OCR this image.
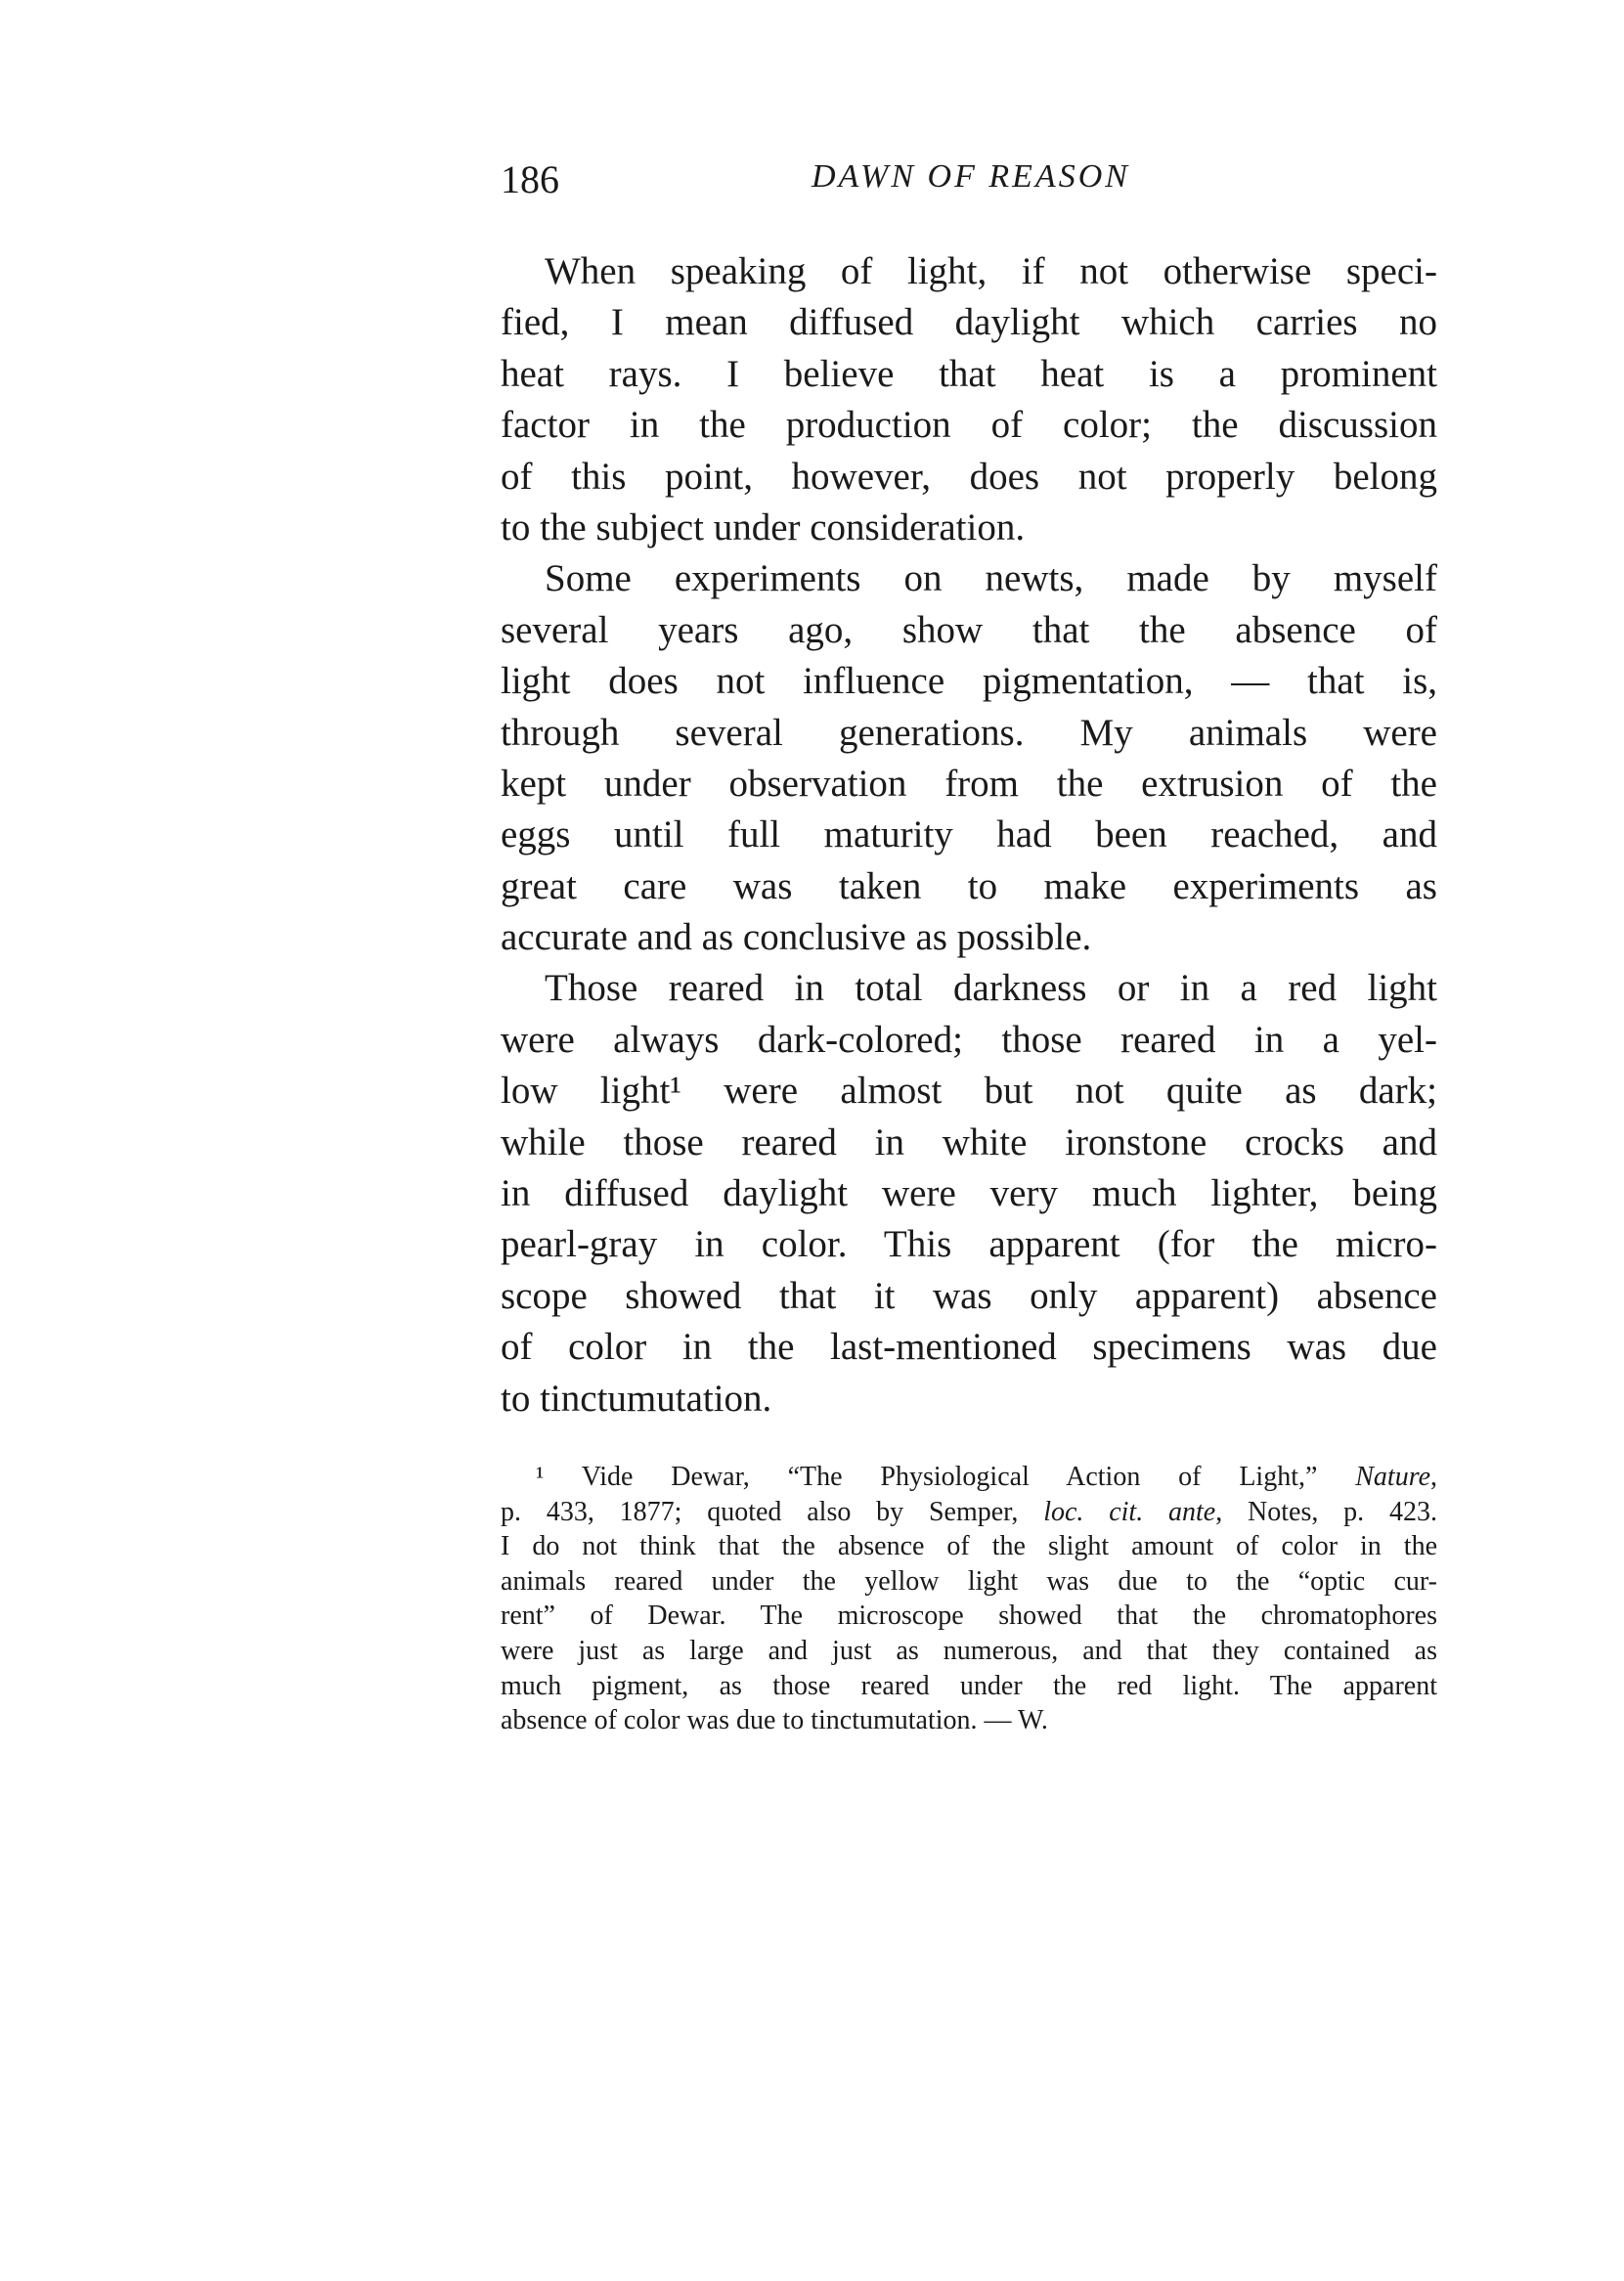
186	DAWN OF REASON
When speaking of light, if not otherwise speci-
fied, I mean diffused daylight which carries no
heat rays. I believe that heat is a prominent
factor in the production of color; the discussion
of this point, however, does not properly belong
to the subject under consideration.
Some experiments on newts, made by myself
several years ago, show that the absence of
light does not influence pigmentation, — that is,
through several generations. My animals were
kept under observation from the extrusion of the
eggs until full maturity had been reached, and
great care was taken to make experiments as
accurate and as conclusive as possible.
Those reared in total darkness or in a red light
were always dark-colored; those reared in a yel-
low light¹ were almost but not quite as dark;
while those reared in white ironstone crocks and
in diffused daylight were very much lighter, being
pearl-gray in color. This apparent (for the micro-
scope showed that it was only apparent) absence
of color in the last-mentioned specimens was due
to tinctumutation.
¹ Vide Dewar, “The Physiological Action of Light,” Nature,
p. 433, 1877; quoted also by Semper, loc. cit. ante, Notes, p. 423.
I do not think that the absence of the slight amount of color in the
animals reared under the yellow light was due to the “optic cur-
rent” of Dewar. The microscope showed that the chromatophores
were just as large and just as numerous, and that they contained as
much pigment, as those reared under the red light. The apparent
absence of color was due to tinctumutation. — W.
